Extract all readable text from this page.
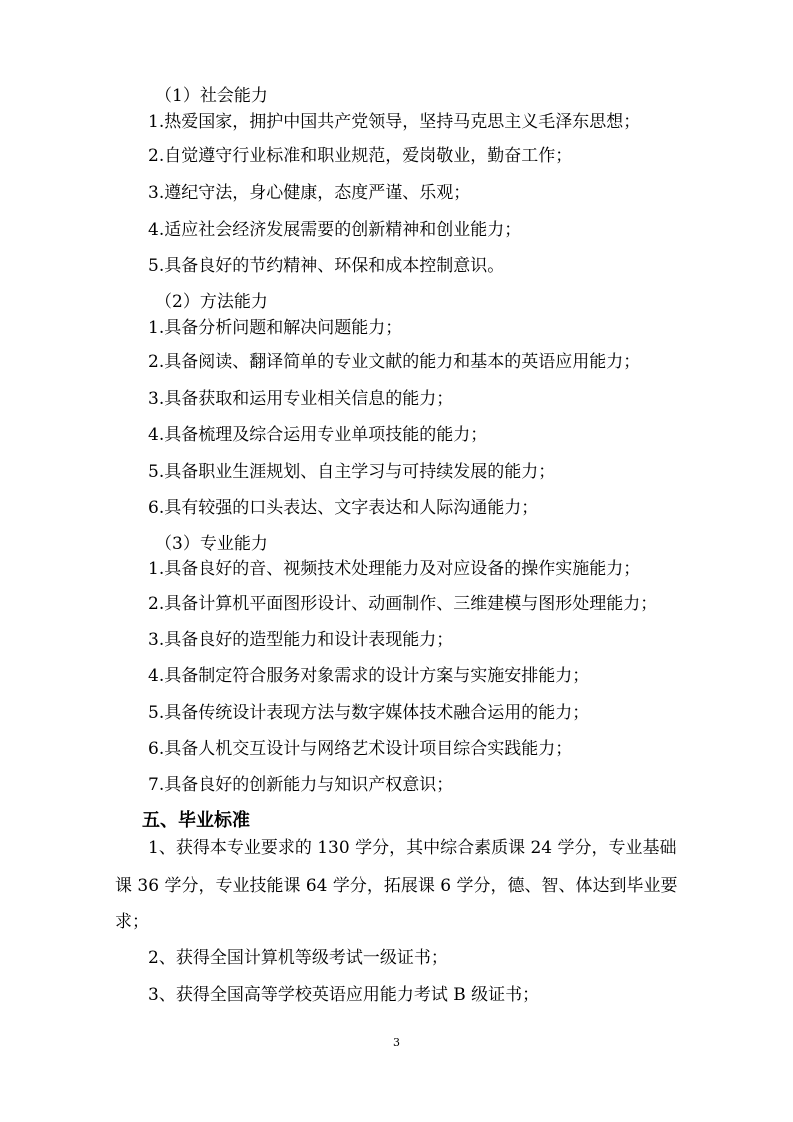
（1）社会能力
1.热爱国家，拥护中国共产党领导，坚持马克思主义毛泽东思想；
2.自觉遵守行业标准和职业规范，爱岗敬业，勤奋工作；
3.遵纪守法，身心健康，态度严谨、乐观；
4.适应社会经济发展需要的创新精神和创业能力；
5.具备良好的节约精神、环保和成本控制意识。
（2）方法能力
1.具备分析问题和解决问题能力；
2.具备阅读、翻译简单的专业文献的能力和基本的英语应用能力；
3.具备获取和运用专业相关信息的能力；
4.具备梳理及综合运用专业单项技能的能力；
5.具备职业生涯规划、自主学习与可持续发展的能力；
6.具有较强的口头表达、文字表达和人际沟通能力；
（3）专业能力
1.具备良好的音、视频技术处理能力及对应设备的操作实施能力；
2.具备计算机平面图形设计、动画制作、三维建模与图形处理能力；
3.具备良好的造型能力和设计表现能力；
4.具备制定符合服务对象需求的设计方案与实施安排能力；
5.具备传统设计表现方法与数字媒体技术融合运用的能力；
6.具备人机交互设计与网络艺术设计项目综合实践能力；
7.具备良好的创新能力与知识产权意识；
五、毕业标准
1、获得本专业要求的 130 学分，其中综合素质课 24 学分，专业基础
课 36 学分，专业技能课 64 学分，拓展课 6 学分，德、智、体达到毕业要
求；
2、获得全国计算机等级考试一级证书；
3、获得全国高等学校英语应用能力考试 B 级证书；
3
